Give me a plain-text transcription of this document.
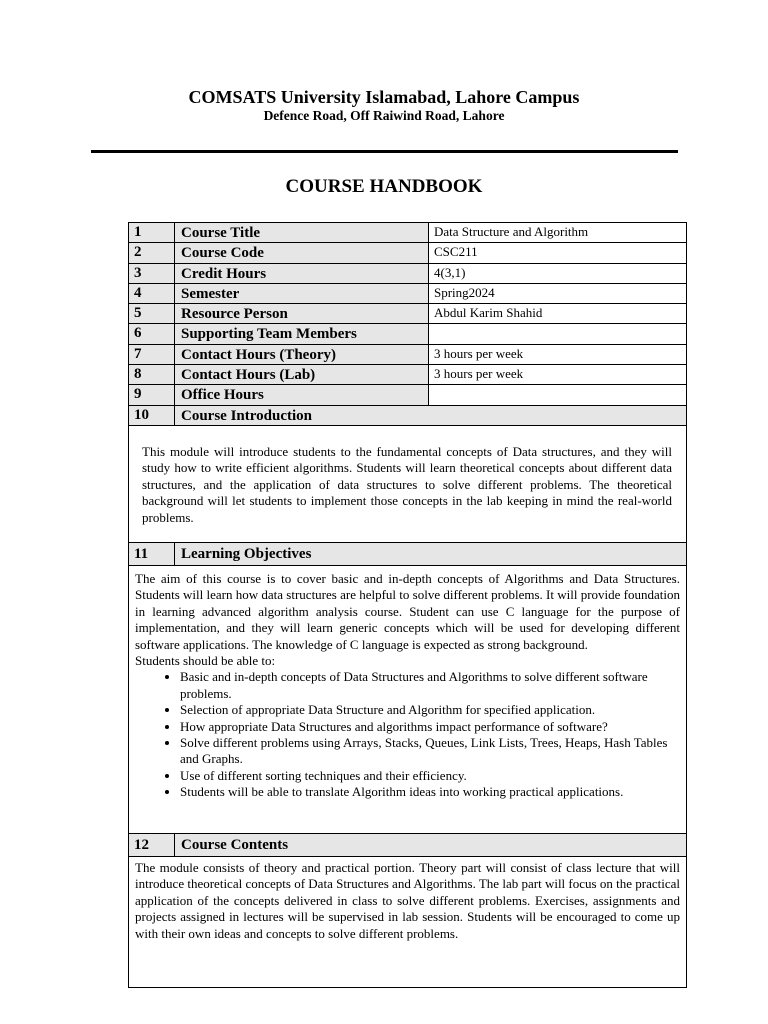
COMSATS University Islamabad, Lahore Campus
Defence Road, Off Raiwind Road, Lahore
COURSE HANDBOOK
1	Course Title	Data Structure and Algorithm
2	Course Code	CSC211
3	Credit Hours	4(3,1)
4	Semester	Spring2024
5	Resource Person	Abdul Karim Shahid
6	Supporting Team Members
7	Contact Hours (Theory)	3 hours per week
8	Contact Hours (Lab)	3 hours per week
9	Office Hours
10	Course Introduction

This module will introduce students to the fundamental concepts of Data structures, and they will study how to write efficient algorithms. Students will learn theoretical concepts about different data structures, and the application of data structures to solve different problems. The theoretical background will let students to implement those concepts in the lab keeping in mind the real-world problems.

11	Learning Objectives

The aim of this course is to cover basic and in-depth concepts of Algorithms and Data Structures. Students will learn how data structures are helpful to solve different problems. It will provide foundation in learning advanced algorithm analysis course. Student can use C language for the purpose of implementation, and they will learn generic concepts which will be used for developing different software applications. The knowledge of C language is expected as strong background.

Students should be able to:

• Basic and in-depth concepts of Data Structures and Algorithms to solve different software problems.
• Selection of appropriate Data Structure and Algorithm for specified application.
• How appropriate Data Structures and algorithms impact performance of software?
• Solve different problems using Arrays, Stacks, Queues, Link Lists, Trees, Heaps, Hash Tables and Graphs.
• Use of different sorting techniques and their efficiency.
• Students will be able to translate Algorithm ideas into working practical applications.
12	Course Contents

The module consists of theory and practical portion. Theory part will consist of class lecture that will introduce theoretical concepts of Data Structures and Algorithms. The lab part will focus on the practical application of the concepts delivered in class to solve different problems. Exercises, assignments and projects assigned in lectures will be supervised in lab session. Students will be encouraged to come up with their own ideas and concepts to solve different problems.
